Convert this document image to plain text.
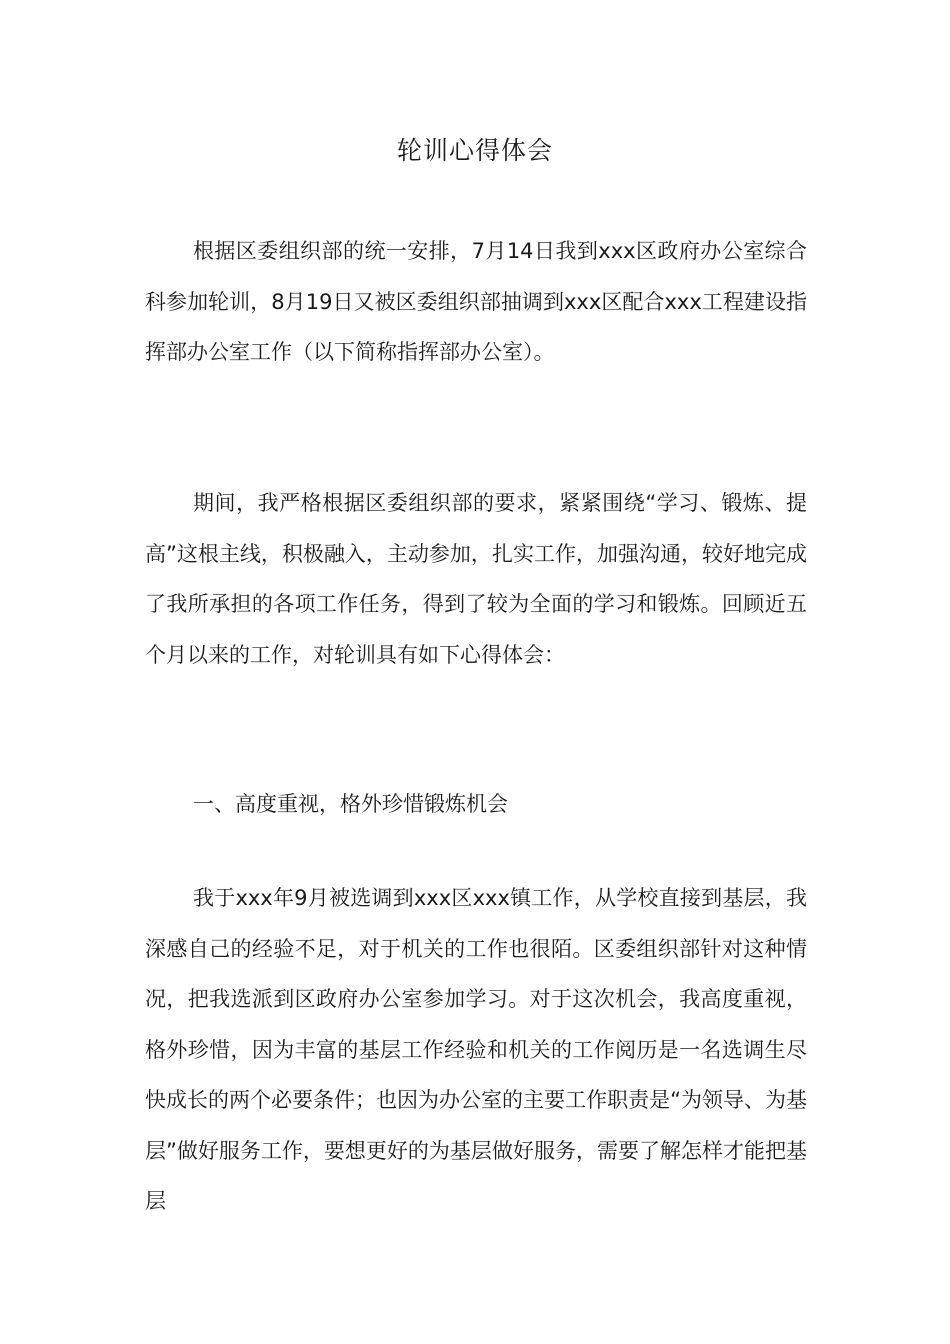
轮训心得体会

根据区委组织部的统一安排，7月14日我到xxx区政府办公室综合科参加轮训，8月19日又被区委组织部抽调到xxx区配合xxx工程建设指挥部办公室工作（以下简称指挥部办公室）。

期间，我严格根据区委组织部的要求，紧紧围绕“学习、锻炼、提高”这根主线，积极融入，主动参加，扎实工作，加强沟通，较好地完成了我所承担的各项工作任务，得到了较为全面的学习和锻炼。回顾近五个月以来的工作，对轮训具有如下心得体会：

一、高度重视，格外珍惜锻炼机会

我于xxx年9月被选调到xxx区xxx镇工作，从学校直接到基层，我深感自己的经验不足，对于机关的工作也很陌。区委组织部针对这种情况，把我选派到区政府办公室参加学习。对于这次机会，我高度重视，格外珍惜，因为丰富的基层工作经验和机关的工作阅历是一名选调生尽快成长的两个必要条件；也因为办公室的主要工作职责是“为领导、为基层”做好服务工作，要想更好的为基层做好服务，需要了解怎样才能把基层
